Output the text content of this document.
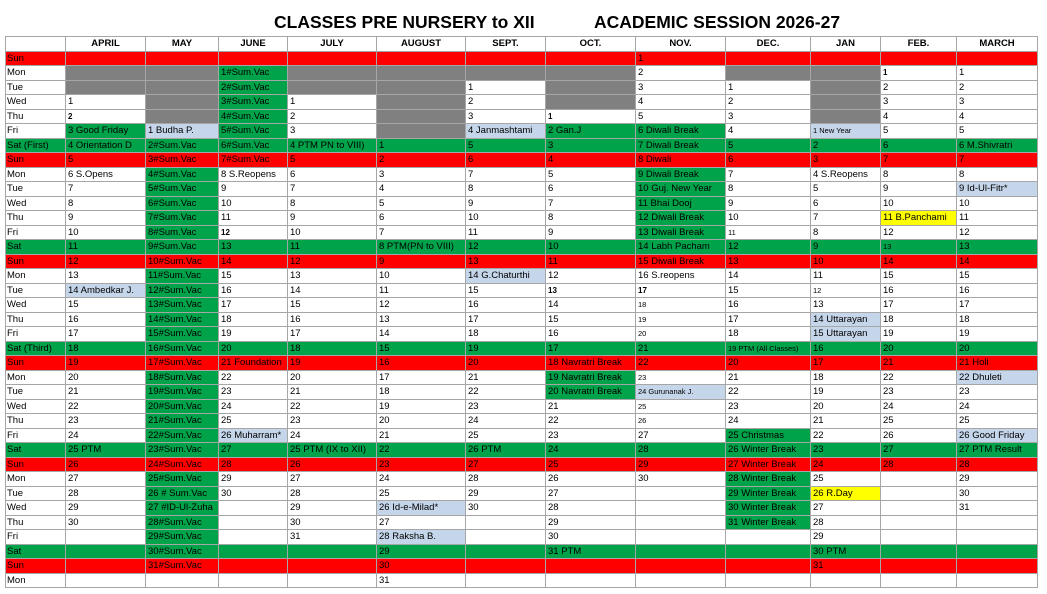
CLASSES PRE NURSERY to XII	ACADEMIC SESSION 2026-27
	APRIL	MAY	JUNE	JULY	AUGUST	SEPT.	OCT.	NOV.	DEC.	JAN	FEB.	MARCH
Sun								1				
Mon			1#Sum.Vac					2			1	1
Tue			2#Sum.Vac			1		3	1		2	2
Wed	1		3#Sum.Vac	1		2		4	2		3	3
Thu	2		4#Sum.Vac	2		3	1	5	3		4	4
Fri	3 Good Friday	1 Budha P.	5#Sum.Vac	3		4 Janmashtami	2 Gan.J	6 Diwali Break	4	1 New Year	5	5
Sat (First)	4 Orientation D	2#Sum.Vac	6#Sum.Vac	4 PTM PN to VIII)	1	5	3	7 Diwali Break	5	2	6	6 M.Shivratri
Sun	5	3#Sum.Vac	7#Sum.Vac	5	2	6	4	8 Diwali	6	3	7	7
Mon	6 S.Opens	4#Sum.Vac	8 S.Reopens	6	3	7	5	9 Diwali Break	7	4 S.Reopens	8	8
Tue	7	5#Sum.Vac	9	7	4	8	6	10 Guj. New Year	8	5	9	9 Id-Ul-Fitr*
Wed	8	6#Sum.Vac	10	8	5	9	7	11 Bhai Dooj	9	6	10	10
Thu	9	7#Sum.Vac	11	9	6	10	8	12 Diwali Break	10	7	11 B.Panchami	11
Fri	10	8#Sum.Vac	12	10	7	11	9	13 Diwali Break	11	8	12	12
Sat	11	9#Sum.Vac	13	11	8 PTM(PN to VIII)	12	10	14 Labh Pacham	12	9	13	13
Sun	12	10#Sum.Vac	14	12	9	13	11	15 Diwali Break	13	10	14	14
Mon	13	11#Sum.Vac	15	13	10	14 G.Chaturthi	12	16 S.reopens	14	11	15	15
Tue	14 Ambedkar J.	12#Sum.Vac	16	14	11	15	13	17	15	12	16	16
Wed	15	13#Sum.Vac	17	15	12	16	14	18	16	13	17	17
Thu	16	14#Sum.Vac	18	16	13	17	15	19	17	14 Uttarayan	18	18
Fri	17	15#Sum.Vac	19	17	14	18	16	20	18	15 Uttarayan	19	19
Sat (Third)	18	16#Sum.Vac	20	18	15	19	17	21	19 PTM (All Classes)	16	20	20
Sun	19	17#Sum.Vac	21 Foundation	19	16	20	18 Navratri Break	22	20	17	21	21 Holi
Mon	20	18#Sum.Vac	22	20	17	21	19 Navratri Break	23	21	18	22	22 Dhuleti
Tue	21	19#Sum.Vac	23	21	18	22	20 Navratri Break	24 Gurunanak J.	22	19	23	23
Wed	22	20#Sum.Vac	24	22	19	23	21	25	23	20	24	24
Thu	23	21#Sum.Vac	25	23	20	24	22	26	24	21	25	25
Fri	24	22#Sum.Vac	26 Muharram*	24	21	25	23	27	25 Christmas	22	26	26 Good Friday
Sat	25 PTM	23#Sum.Vac	27	25 PTM (IX to XII)	22	26 PTM	24	28	26 Winter Break	23	27	27 PTM Result
Sun	26	24#Sum.Vac	28	26	23	27	25	29	27 Winter Break	24	28	28
Mon	27	25#Sum.Vac	29	27	24	28	26	30	28 Winter Break	25		29
Tue	28	26 # Sum.Vac	30	28	25	29	27		29 Winter Break	26 R.Day		30
Wed	29	27 #ID-Ul-Zuha		29	26 Id-e-Milad*	30	28		30 Winter Break	27		31
Thu	30	28#Sum.Vac		30	27		29		31 Winter Break	28		
Fri		29#Sum.Vac		31	28 Raksha B.		30			29		
Sat		30#Sum.Vac			29		31 PTM			30 PTM		
Sun		31#Sum.Vac			30					31		
Mon					31							
